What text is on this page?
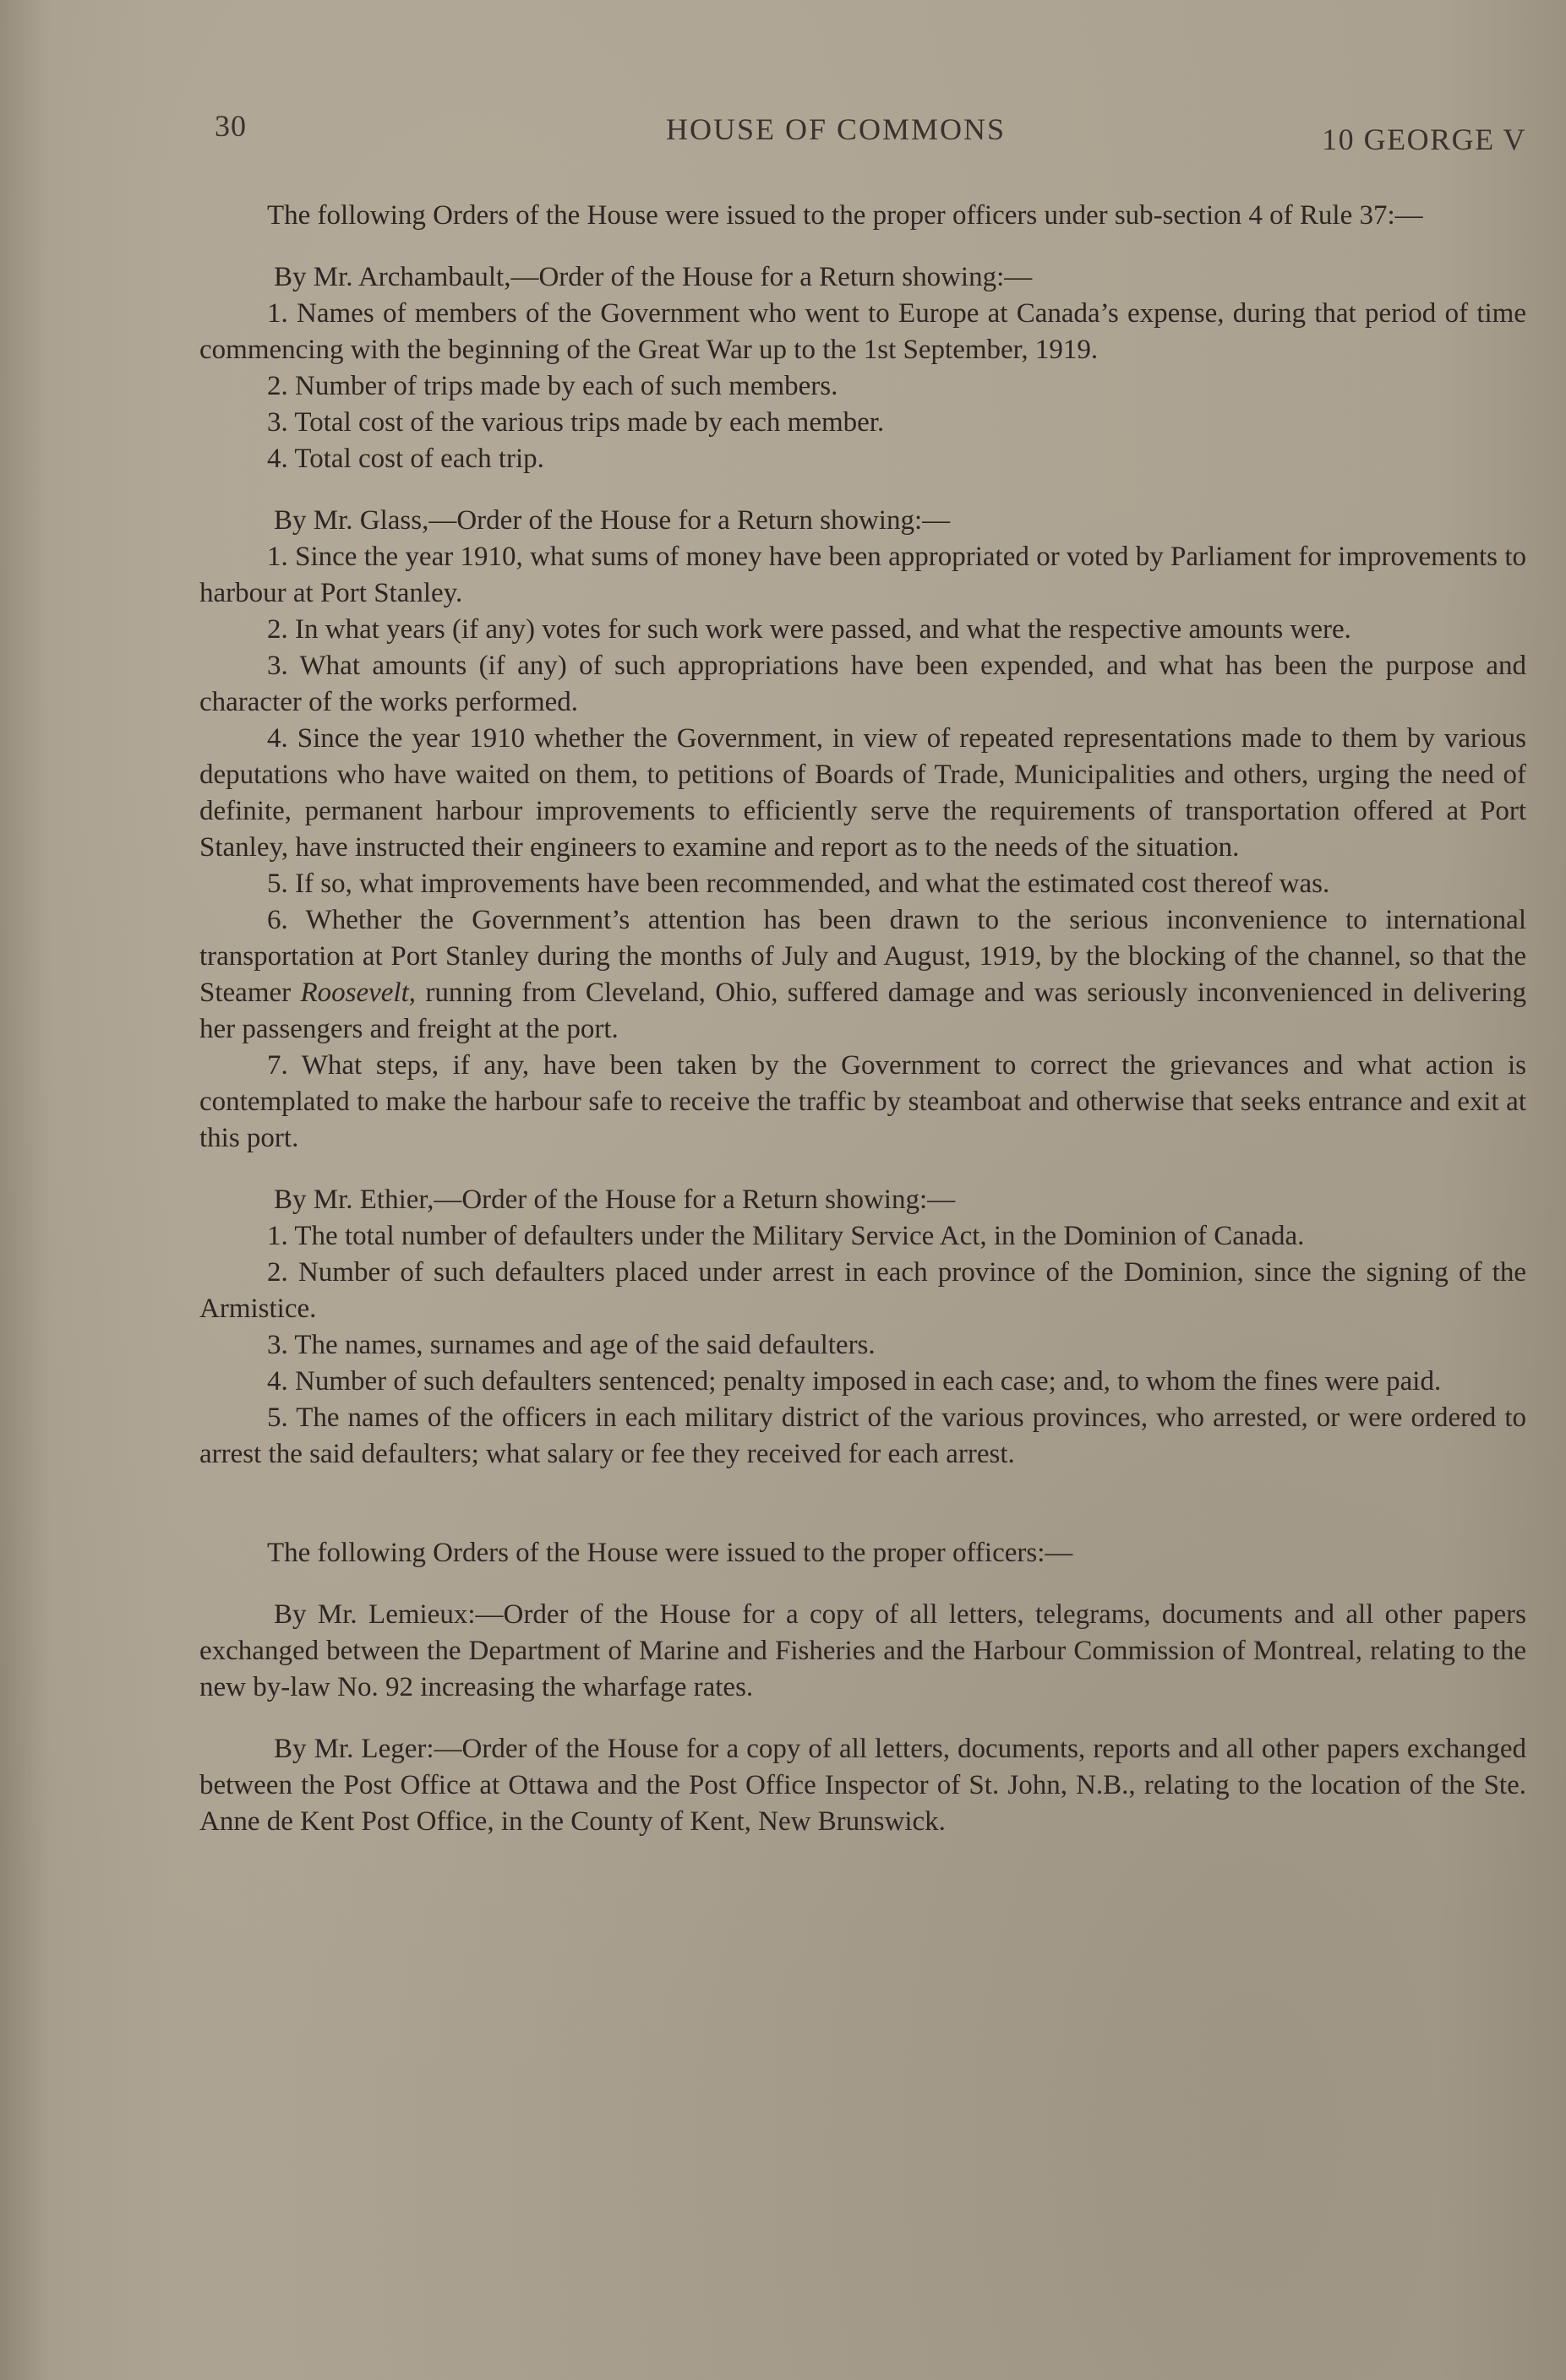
30	HOUSE OF COMMONS	10 GEORGE V

The following Orders of the House were issued to the proper officers under sub-section 4 of Rule 37:—

By Mr. Archambault,—Order of the House for a Return showing:—

1. Names of members of the Government who went to Europe at Canada’s expense, during that period of time commencing with the beginning of the Great War up to the 1st September, 1919.

2. Number of trips made by each of such members.

3. Total cost of the various trips made by each member.

4. Total cost of each trip.

By Mr. Glass,—Order of the House for a Return showing:—

1. Since the year 1910, what sums of money have been appropriated or voted by Parliament for improvements to harbour at Port Stanley.

2. In what years (if any) votes for such work were passed, and what the respective amounts were.

3. What amounts (if any) of such appropriations have been expended, and what has been the purpose and character of the works performed.

4. Since the year 1910 whether the Government, in view of repeated representations made to them by various deputations who have waited on them, to petitions of Boards of Trade, Municipalities and others, urging the need of definite, permanent harbour improvements to efficiently serve the requirements of transportation offered at Port Stanley, have instructed their engineers to examine and report as to the needs of the situation.

5. If so, what improvements have been recommended, and what the estimated cost thereof was.

6. Whether the Government’s attention has been drawn to the serious inconvenience to international transportation at Port Stanley during the months of July and August, 1919, by the blocking of the channel, so that the Steamer Roosevelt, running from Cleveland, Ohio, suffered damage and was seriously inconvenienced in delivering her passengers and freight at the port.

7. What steps, if any, have been taken by the Government to correct the grievances and what action is contemplated to make the harbour safe to receive the traffic by steamboat and otherwise that seeks entrance and exit at this port.

By Mr. Ethier,—Order of the House for a Return showing:—

1. The total number of defaulters under the Military Service Act, in the Dominion of Canada.

2. Number of such defaulters placed under arrest in each province of the Dominion, since the signing of the Armistice.

3. The names, surnames and age of the said defaulters.

4. Number of such defaulters sentenced; penalty imposed in each case; and, to whom the fines were paid.

5. The names of the officers in each military district of the various provinces, who arrested, or were ordered to arrest the said defaulters; what salary or fee they received for each arrest.

The following Orders of the House were issued to the proper officers:—

By Mr. Lemieux:—Order of the House for a copy of all letters, telegrams, documents and all other papers exchanged between the Department of Marine and Fisheries and the Harbour Commission of Montreal, relating to the new by-law No. 92 increasing the wharfage rates.

By Mr. Leger:—Order of the House for a copy of all letters, documents, reports and all other papers exchanged between the Post Office at Ottawa and the Post Office Inspector of St. John, N.B., relating to the location of the Ste. Anne de Kent Post Office, in the County of Kent, New Brunswick.
